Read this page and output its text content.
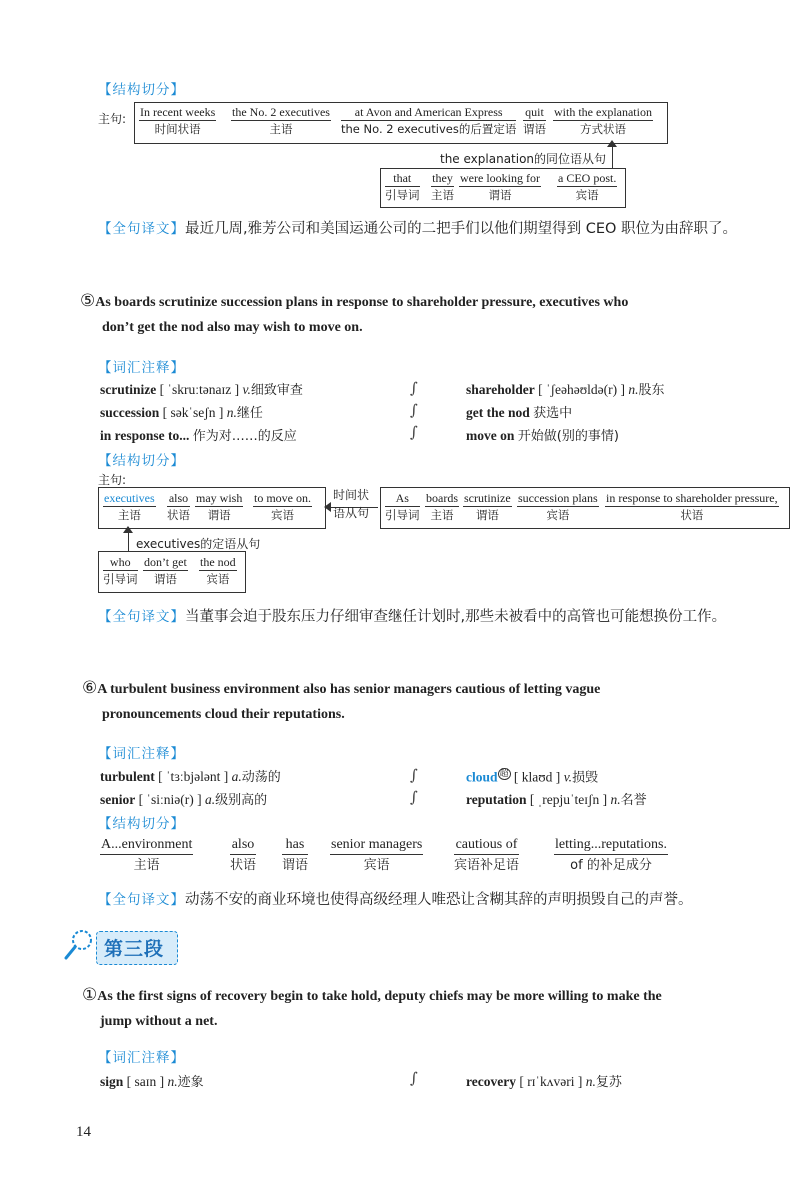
【结构切分】
主句: In recent weeks
时间状语
the No. 2 executives
主语
at Avon and American Express
the No. 2 executives的后置定语
quit
谓语
with the explanation
方式状语
the explanation的同位语从句
that
引导词
they
主语
were looking for
谓语
a CEO post.
宾语
【全句译文】最近几周,雅芳公司和美国运通公司的二把手们以他们期望得到 CEO 职位为由辞职了。
⑤As boards scrutinize succession plans in response to shareholder pressure, executives who
don’t get the nod also may wish to move on.
【词汇注释】
scrutinize [ ˈskruːtənaɪz ] v.细致审查	shareholder [ ˈʃeəhəʊldə(r) ] n.股东
succession [ səkˈseʃn ] n.继任	get the nod 获选中
in response to... 作为对……的反应	move on 开始做(别的事情)
∫
∫
∫
【结构切分】
主句:
executives
主语
also
状语
may wish
谓语
to move on.
宾语
时间状
语从句
As
引导词
boards
主语
scrutinize
谓语
succession plans
宾语
in response to shareholder pressure,
状语
executives的定语从句
who
引导词
don’t get
谓语
the nod
宾语
【全句译文】当董事会迫于股东压力仔细审查继任计划时,那些未被看中的高管也可能想换份工作。
⑥A turbulent business environment also has senior managers cautious of letting vague
pronouncements cloud their reputations.
【词汇注释】
turbulent [ ˈtɜːbjələnt ] a.动荡的	cloud $^超$ [ klaʊd ] v.损毁
senior [ ˈsiːniə(r) ] a.级别高的	reputation [ ˌrepjuˈteɪʃn ] n.名誉
∫
∫
【结构切分】
A...environment
主语
also
状语
has
谓语
senior managers
宾语
cautious of
宾语补足语
letting...reputations.
of 的补足成分
【全句译文】动荡不安的商业环境也使得高级经理人唯恐让含糊其辞的声明损毁自己的声誉。
第三段
①As the first signs of recovery begin to take hold, deputy chiefs may be more willing to make the
jump without a net.
【词汇注释】
sign [ saɪn ] n.迹象	recovery [ rɪˈkʌvəri ] n.复苏
∫
14
